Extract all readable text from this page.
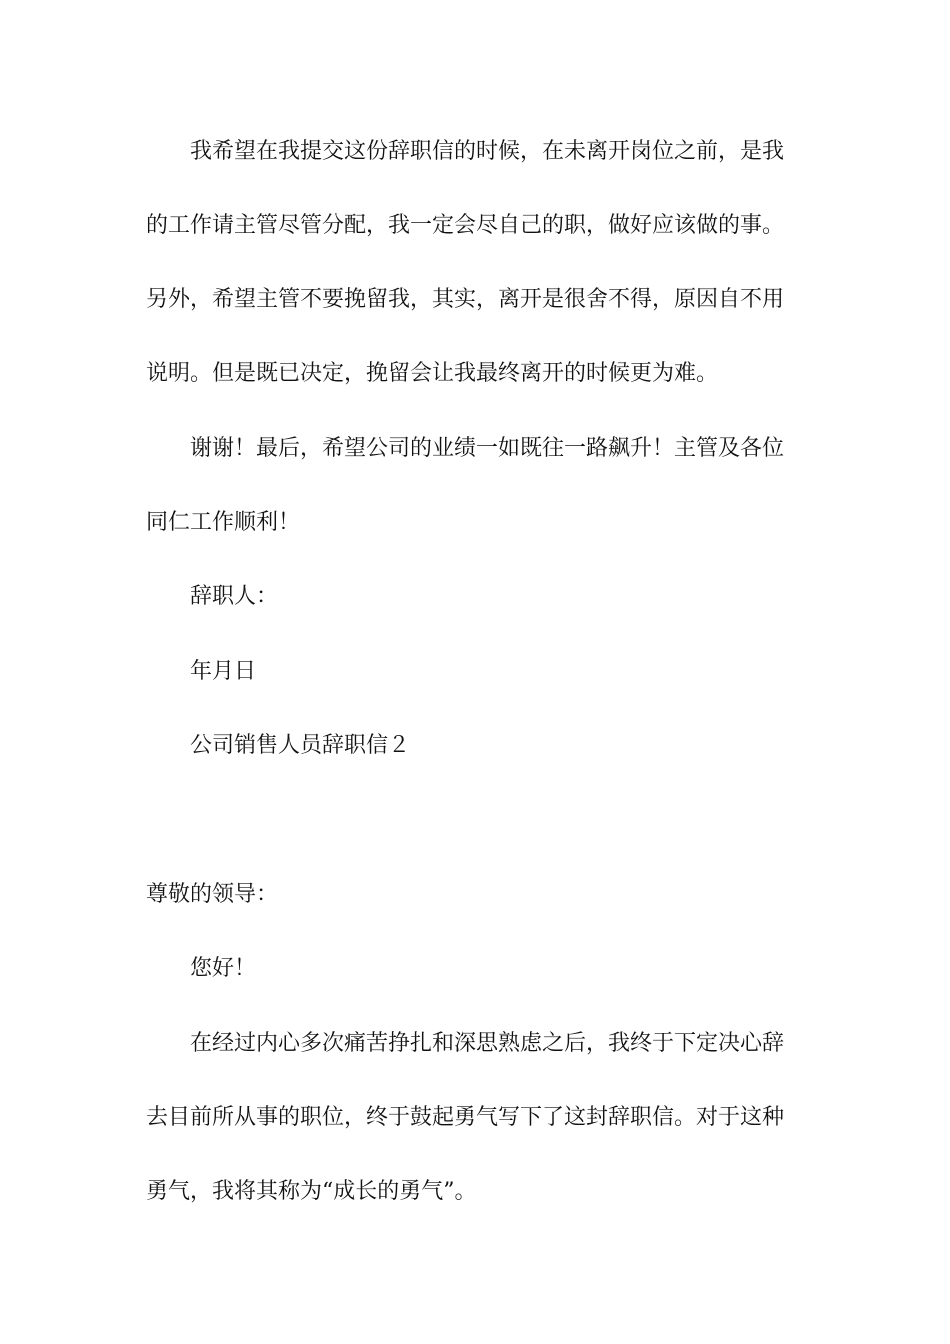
我希望在我提交这份辞职信的时候，在未离开岗位之前，是我
的工作请主管尽管分配，我一定会尽自己的职，做好应该做的事。
另外，希望主管不要挽留我，其实，离开是很舍不得，原因自不用
说明。但是既已决定，挽留会让我最终离开的时候更为难。
谢谢！最后，希望公司的业绩一如既往一路飙升！主管及各位
同仁工作顺利！
辞职人：
年月日
公司销售人员辞职信２
尊敬的领导：
您好！
在经过内心多次痛苦挣扎和深思熟虑之后，我终于下定决心辞
去目前所从事的职位，终于鼓起勇气写下了这封辞职信。对于这种
勇气，我将其称为“成长的勇气”。
